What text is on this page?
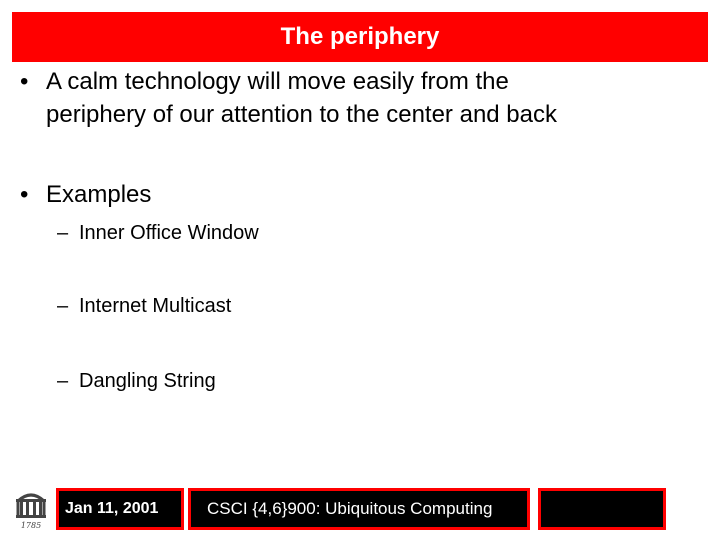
The periphery
• A calm technology will move easily from the
periphery of our attention to the center and back
• Examples
– Inner Office Window
– Internet Multicast
– Dangling String
1785
Jan 11, 2001	CSCI {4,6}900: Ubiquitous Computing
